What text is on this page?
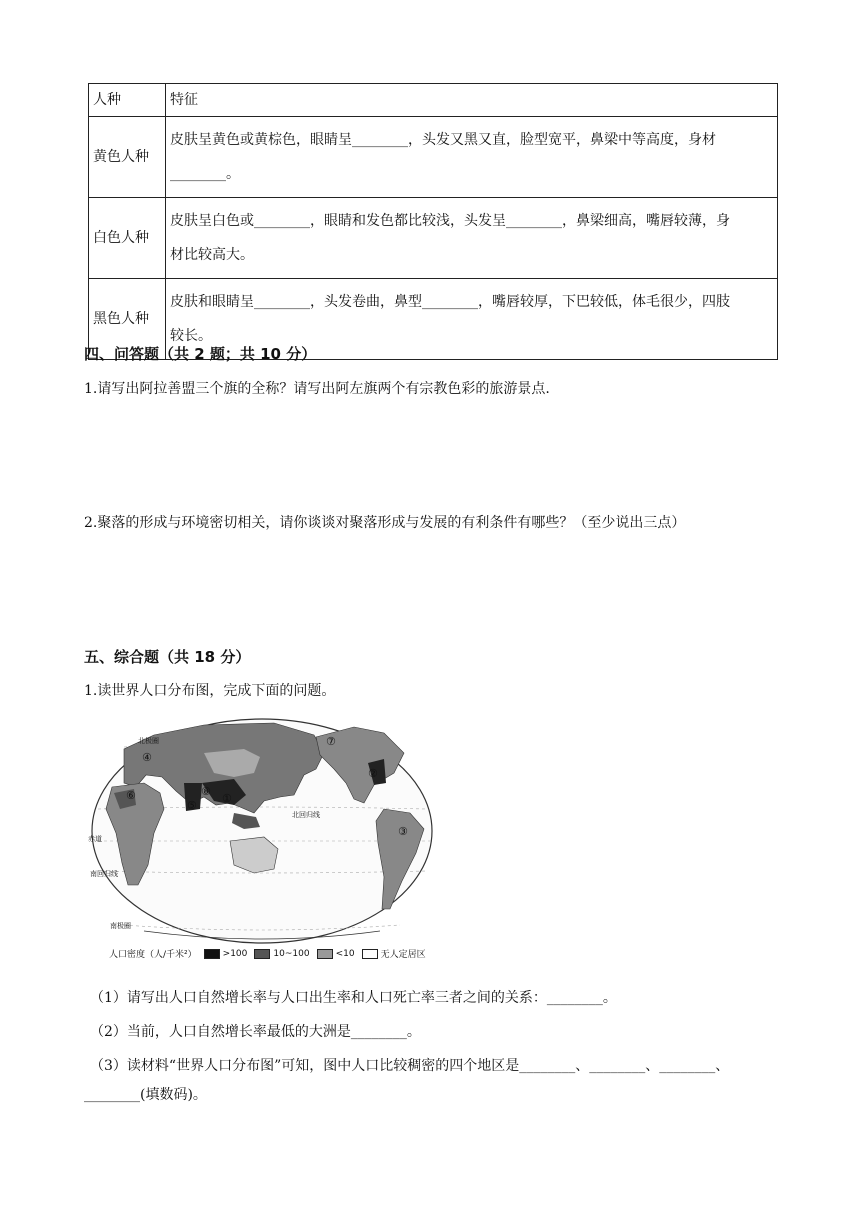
人种	特征
黄色人种	皮肤呈黄色或黄棕色，眼睛呈________，头发又黑又直，脸型宽平，鼻梁中等高度，身材
________。

白色人种	皮肤呈白色或________，眼睛和发色都比较浅，头发呈________，鼻梁细高，嘴唇较薄，身
材比较高大。

黑色人种	皮肤和眼睛呈________，头发卷曲，鼻型________，嘴唇较厚，下巴较低，体毛很少，四肢
较长。
四、问答题（共 2 题；共 10 分）
1.请写出阿拉善盟三个旗的全称？请写出阿左旗两个有宗教色彩的旅游景点.
2.聚落的形成与环境密切相关，请你谈谈对聚落形成与发展的有利条件有哪些？（至少说出三点）
五、综合题（共 18 分）
1.读世界人口分布图，完成下面的问题。
北极圈
北回归线
赤道
南回归线
南极圈
①
②
③
④
⑤
⑥
⑦
⑧
人口密度（人/千米²）	>100	10~100	<10	无人定居区
（1）请写出人口自然增长率与人口出生率和人口死亡率三者之间的关系：________。
（2）当前，人口自然增长率最低的大洲是________。
（3）读材料“世界人口分布图”可知，图中人口比较稠密的四个地区是________、________、________、
________(填数码)。
